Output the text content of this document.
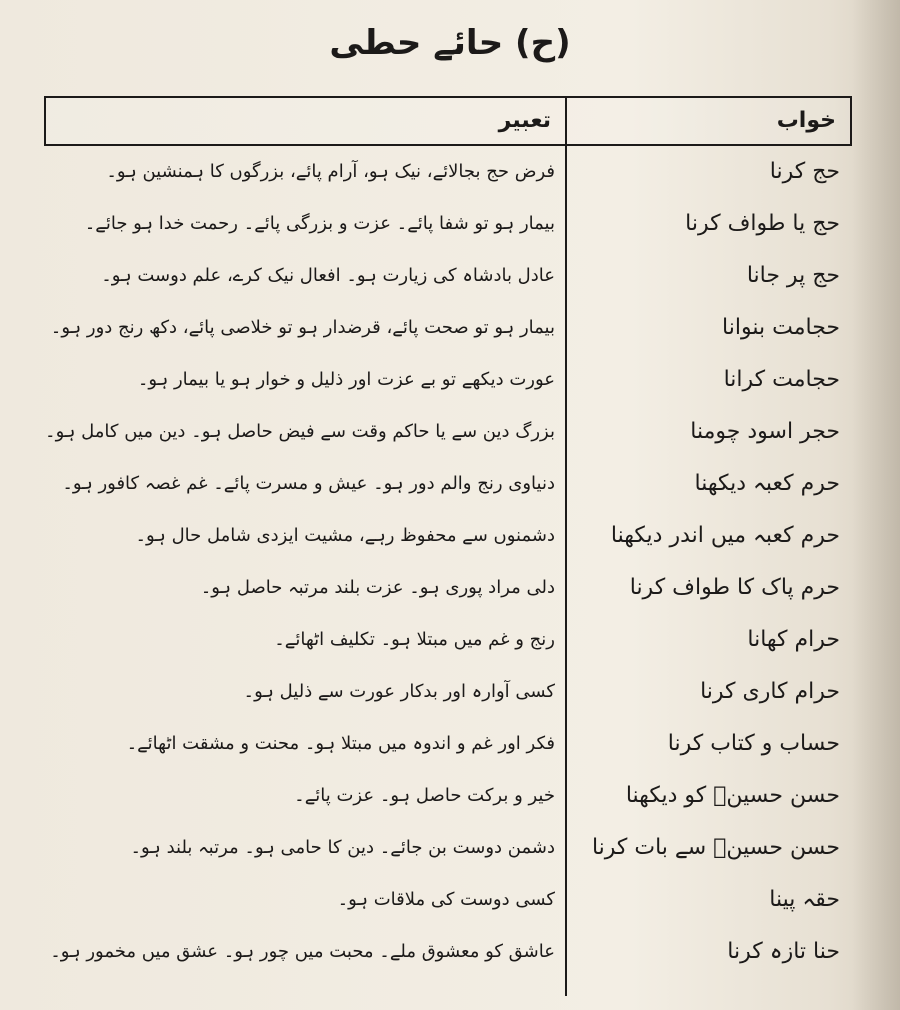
(ح) حائے حطی
خواب
تعبیر
حج کرنا
فرض حج بجالائے، نیک ہو، آرام پائے، بزرگوں کا ہمنشین ہو۔
حج یا طواف کرنا
بیمار ہو تو شفا پائے۔ عزت و بزرگی پائے۔ رحمت خدا ہو جائے۔
حج پر جانا
عادل بادشاہ کی زیارت ہو۔ افعال نیک کرے، علم دوست ہو۔
حجامت بنوانا
بیمار ہو تو صحت پائے، قرضدار ہو تو خلاصی پائے، دکھ رنج دور ہو۔
حجامت کرانا
عورت دیکھے تو بے عزت اور ذلیل و خوار ہو یا بیمار ہو۔
حجر اسود چومنا
بزرگ دین سے یا حاکم وقت سے فیض حاصل ہو۔ دین میں کامل ہو۔
حرم کعبہ دیکھنا
دنیاوی رنج والم دور ہو۔ عیش و مسرت پائے۔ غم غصہ کافور ہو۔
حرم کعبہ میں اندر دیکھنا
دشمنوں سے محفوظ رہے، مشیت ایزدی شامل حال ہو۔
حرم پاک کا طواف کرنا
دلی مراد پوری ہو۔ عزت بلند مرتبہ حاصل ہو۔
حرام کھانا
رنج و غم میں مبتلا ہو۔ تکلیف اٹھائے۔
حرام کاری کرنا
کسی آوارہ اور بدکار عورت سے ذلیل ہو۔
حساب و کتاب کرنا
فکر اور غم و اندوہ میں مبتلا ہو۔ محنت و مشقت اٹھائے۔
حسن حسینؓ کو دیکھنا
خیر و برکت حاصل ہو۔ عزت پائے۔
حسن حسینؓ سے بات کرنا
دشمن دوست بن جائے۔ دین کا حامی ہو۔ مرتبہ بلند ہو۔
حقہ پینا
کسی دوست کی ملاقات ہو۔
حنا تازہ کرنا
عاشق کو معشوق ملے۔ محبت میں چور ہو۔ عشق میں مخمور ہو۔
